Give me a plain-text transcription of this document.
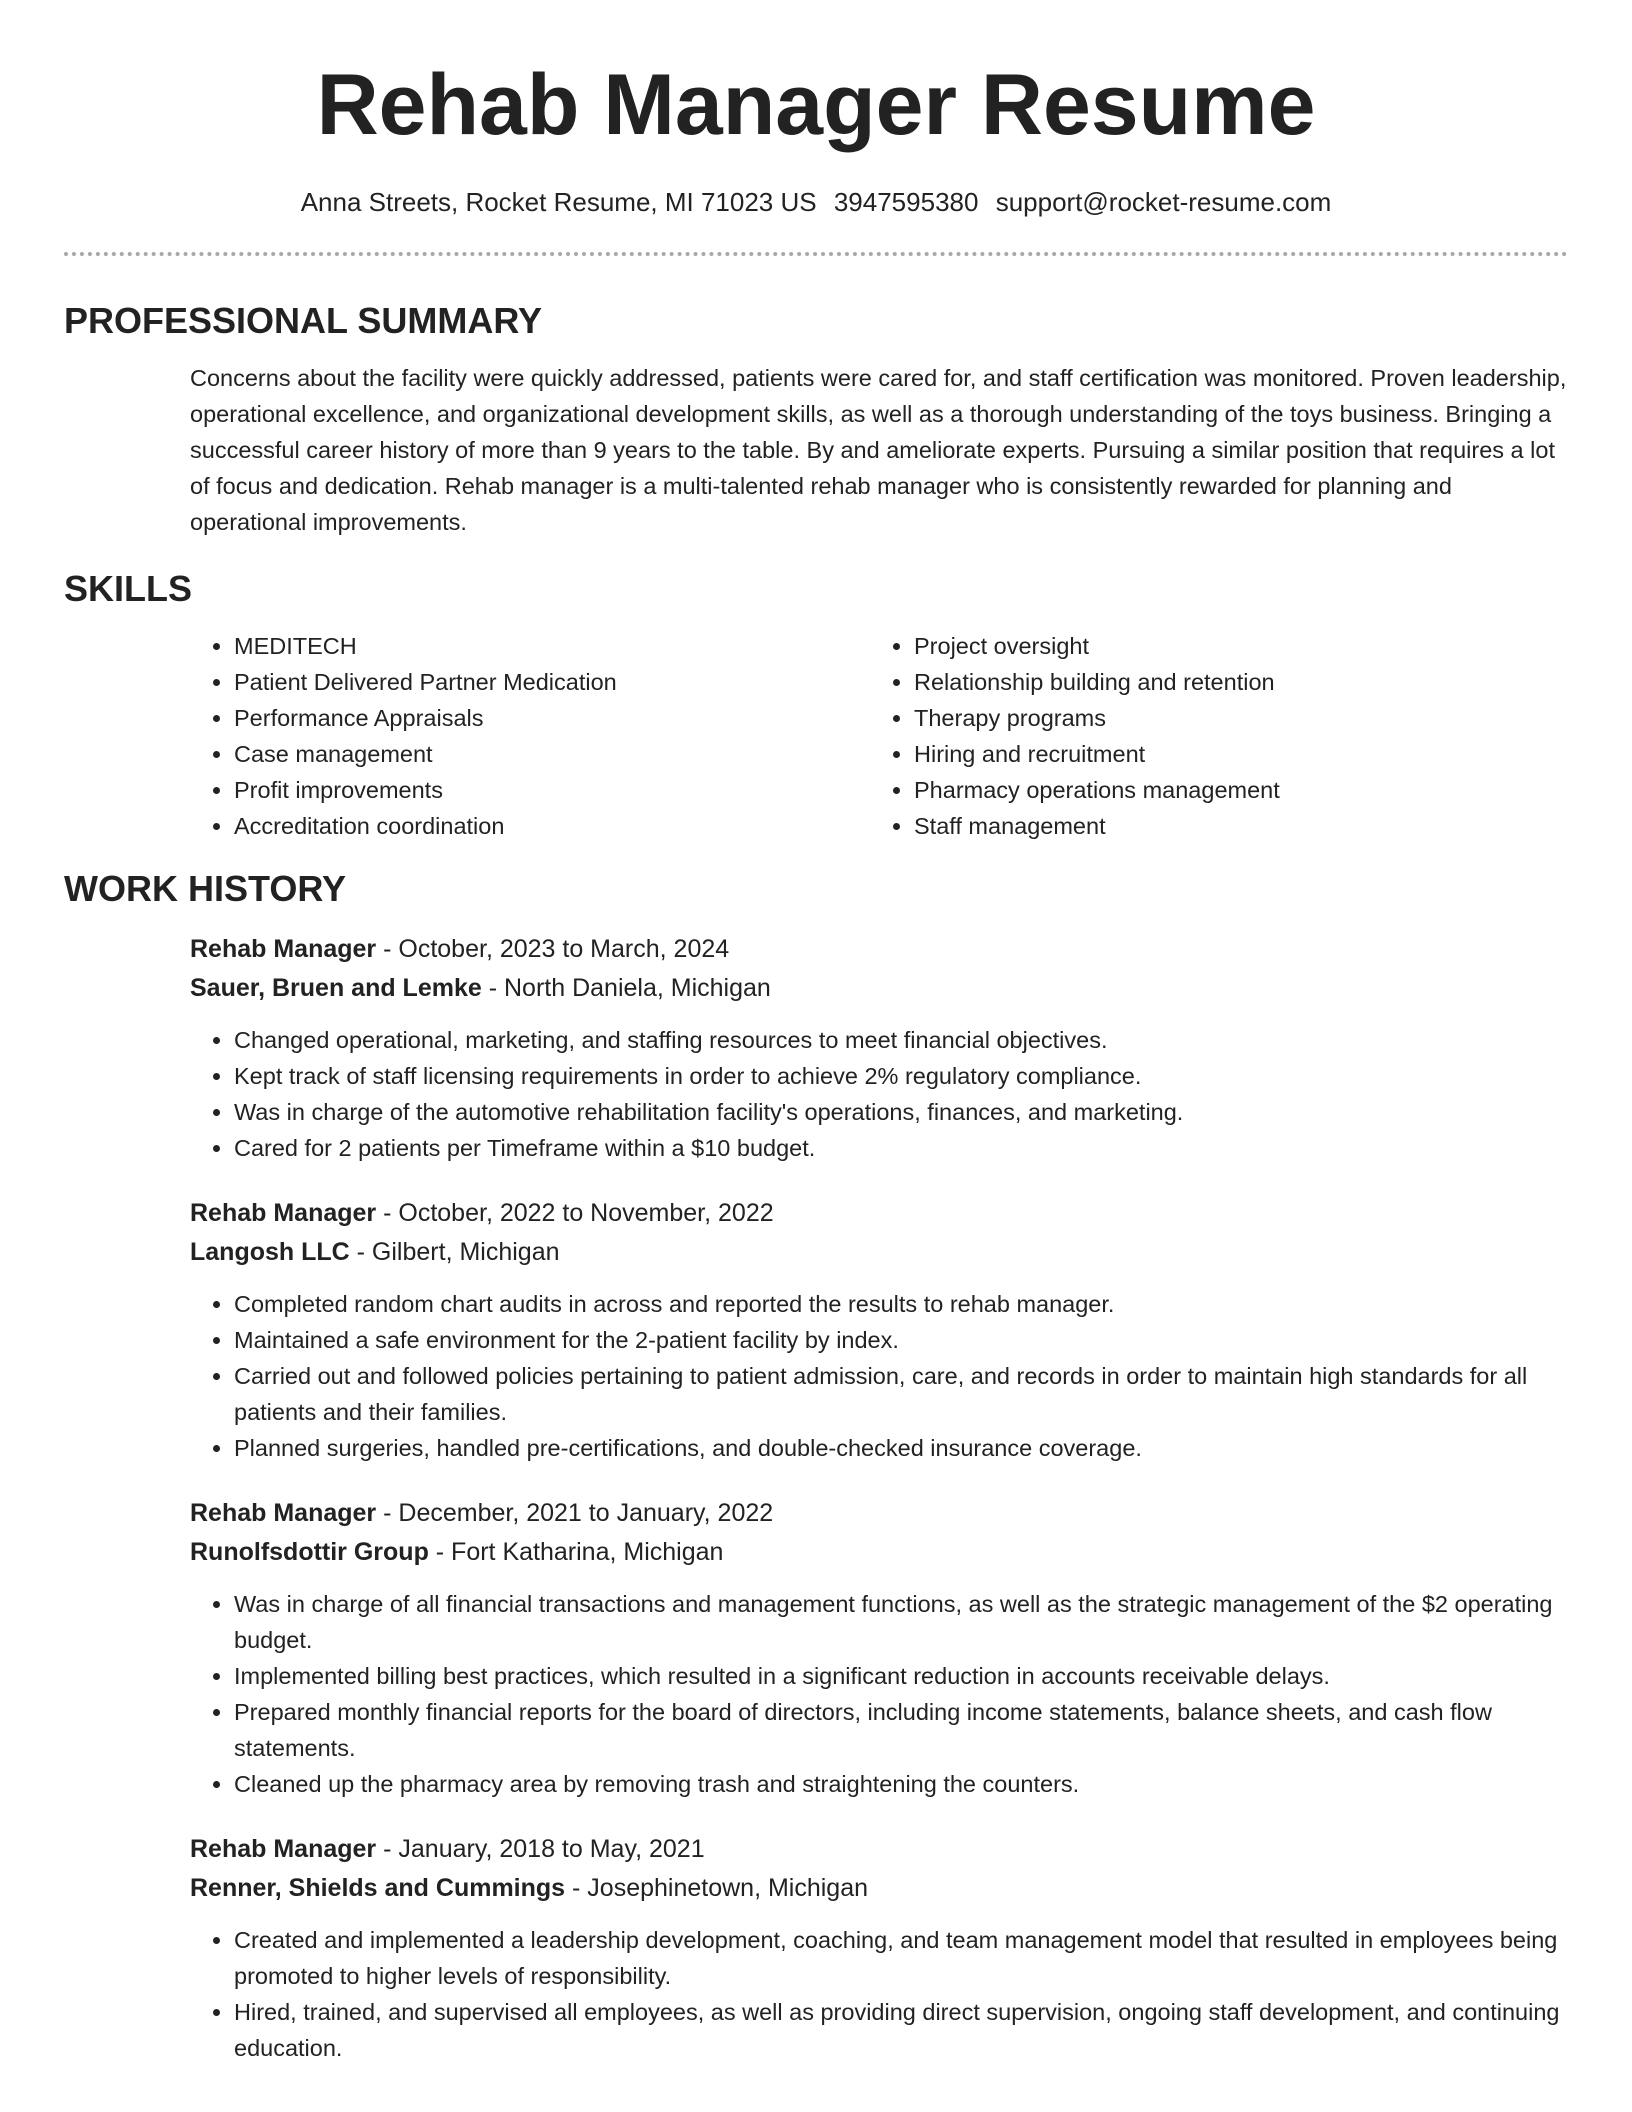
Rehab Manager Resume
Anna Streets, Rocket Resume, MI 71023 US 3947595380 support@rocket-resume.com
PROFESSIONAL SUMMARY
Concerns about the facility were quickly addressed, patients were cared for, and staff certification was monitored. Proven leadership, operational excellence, and organizational development skills, as well as a thorough understanding of the toys business. Bringing a successful career history of more than 9 years to the table. By and ameliorate experts. Pursuing a similar position that requires a lot of focus and dedication. Rehab manager is a multi-talented rehab manager who is consistently rewarded for planning and operational improvements.
SKILLS
• MEDITECH
• Patient Delivered Partner Medication
• Performance Appraisals
• Case management
• Profit improvements
• Accreditation coordination
• Project oversight
• Relationship building and retention
• Therapy programs
• Hiring and recruitment
• Pharmacy operations management
• Staff management
WORK HISTORY
Rehab Manager - October, 2023 to March, 2024
Sauer, Bruen and Lemke - North Daniela, Michigan
• Changed operational, marketing, and staffing resources to meet financial objectives.
• Kept track of staff licensing requirements in order to achieve 2% regulatory compliance.
• Was in charge of the automotive rehabilitation facility's operations, finances, and marketing.
• Cared for 2 patients per Timeframe within a $10 budget.
Rehab Manager - October, 2022 to November, 2022
Langosh LLC - Gilbert, Michigan
• Completed random chart audits in across and reported the results to rehab manager.
• Maintained a safe environment for the 2-patient facility by index.
• Carried out and followed policies pertaining to patient admission, care, and records in order to maintain high standards for all patients and their families.
• Planned surgeries, handled pre-certifications, and double-checked insurance coverage.
Rehab Manager - December, 2021 to January, 2022
Runolfsdottir Group - Fort Katharina, Michigan
• Was in charge of all financial transactions and management functions, as well as the strategic management of the $2 operating budget.
• Implemented billing best practices, which resulted in a significant reduction in accounts receivable delays.
• Prepared monthly financial reports for the board of directors, including income statements, balance sheets, and cash flow statements.
• Cleaned up the pharmacy area by removing trash and straightening the counters.
Rehab Manager - January, 2018 to May, 2021
Renner, Shields and Cummings - Josephinetown, Michigan
• Created and implemented a leadership development, coaching, and team management model that resulted in employees being promoted to higher levels of responsibility.
• Hired, trained, and supervised all employees, as well as providing direct supervision, ongoing staff development, and continuing education.
